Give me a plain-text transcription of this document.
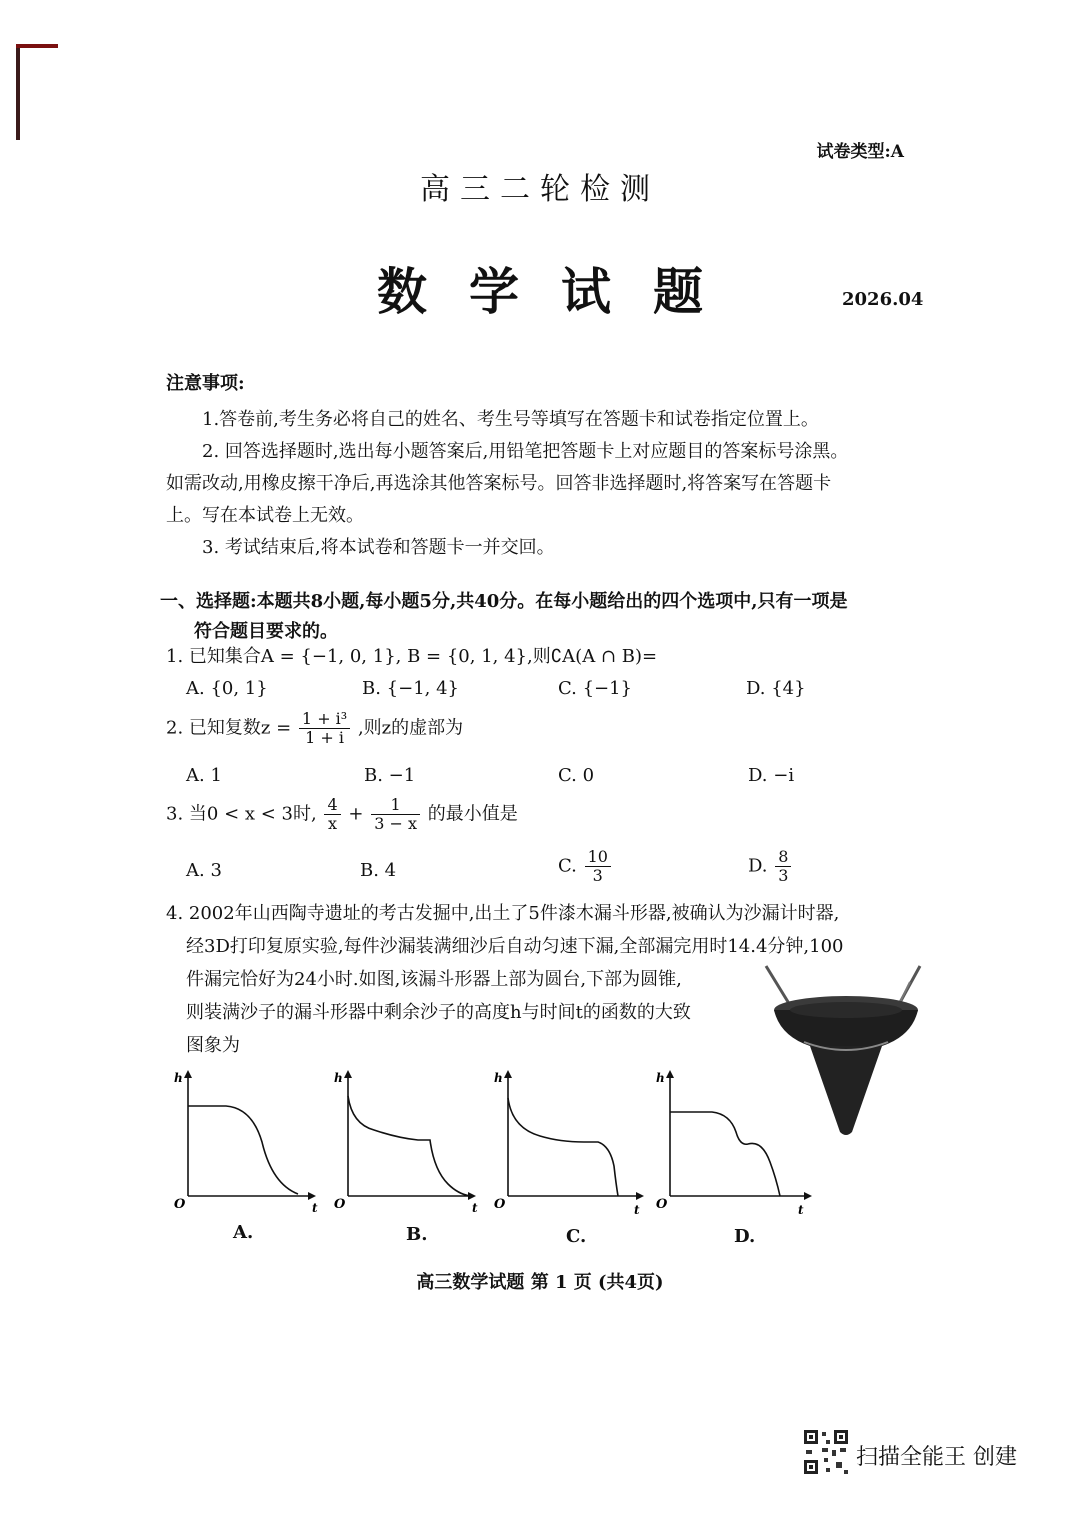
试卷类型:A
高三二轮检测
数学试题	2026.04
注意事项:

1.答卷前,考生务必将自己的姓名、考生号等填写在答题卡和试卷指定位置上。

2. 回答选择题时,选出每小题答案后,用铅笔把答题卡上对应题目的答案标号涂黑。

如需改动,用橡皮擦干净后,再选涂其他答案标号。回答非选择题时,将答案写在答题卡

上。写在本试卷上无效。

3. 考试结束后,将本试卷和答题卡一并交回。

一、选择题:本题共8小题,每小题5分,共40分。在每小题给出的四个选项中,只有一项是
符合题目要求的。
1. 已知集合A = {−1, 0, 1}, B = {0, 1, 4},则∁A(A ∩ B)=
A. {0, 1}	B. {−1, 4}	C. {−1}	D. {4}
2. 已知复数$z = \frac{\text{1 + i³}}{1 + i}$ ,则z的虚部为
A. 1	B. −1	C. 0	D. −i
3. 当0 < x < 3时, $\frac{4}{x} + \frac{1}{3 - x}$ 的最小值是
A. 3	B. 4	C. $\frac{10}{3}$	D. $\frac{8}{3}$
4. 2002年山西陶寺遗址的考古发掘中,出土了5件漆木漏斗形器,被确认为沙漏计时器,
经3D打印复原实验,每件沙漏装满细沙后自动匀速下漏,全部漏完用时14.4分钟,100
件漏完恰好为24小时.如图,该漏斗形器上部为圆台,下部为圆锥,
则装满沙子的漏斗形器中剩余沙子的高度h与时间t的函数的大致
图象为
h
O	t
A.
h
O	t
B.
h
O	t
C.
h
O	t
D.
高三数学试题 第 1 页 (共4页)
扫描全能王 创建
